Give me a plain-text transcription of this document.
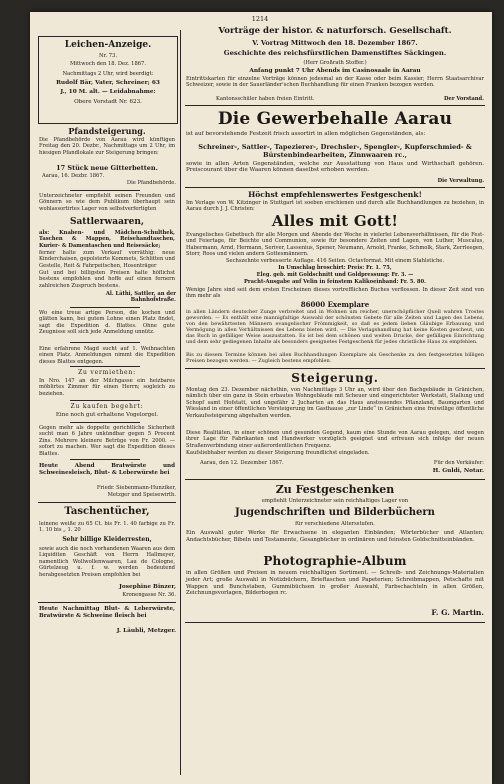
1214
Leichen-Anzeige.
Nr. 73.
Mittwoch den 18. Dez. 1867.
Nachmittags 2 Uhr, wird beerdigt:
Rudolf Bär, Vater, Schreiner; 63
J., 10 M. alt. — Leidabnahme:
Obere Vorstadt Nr. 623.
Pfandsteigerung.
Die Pfandbehörde von Aarau wird künftigen Freitag den 20. Dezbr., Nachmittags um 2 Uhr, im hiesigen Pfandlokale zur Steigerung bringen:
17 Stück neue Gitterbetten.
Aarau, 16. Dezbr. 1867.
Die Pfandbehörde.
Unterzeichneter empfiehlt seinen Freunden und Gönnern so wie dem Publikum überhaupt sein wohlassortirtes Lager von selbstverfertigten
Sattlerwaaren,
als: Knaben- und Mädchen-Schulthek, Taschen & Mappen, Reisehandtaschen, Kurier- & Damentaschen und Reisesäcke;
ferner halte zum Verkauf vorräthig: neue Kinderchaisen, gepolsterte Kommets, Schlitten und Gestelle, Reit & Fahrpeitschen, Hosenträger
Gut und bei billigsten Preisen halte höflichst bestens empfohlen und hoffe auf einen fernern zahlreichen Zuspruch bestens.
Al. Läthi, Sattler, an der Bahnhofstraße.
Wo eine treue artige Person, die kochen und glätten kann, bei gutem Lohne einen Platz findet, sagt die Expedition d. Blattes. Ohne gute Zeugnisse soll sich jede Anmeldung unnütz.
Eine erfahrene Magd sucht auf 1. Weihnachten einen Platz. Anmeldungen nimmt die Expedition dieses Blattes entgegen.
Zu vermiethen:
In Nro. 147 an der Milchgasse ein heizbares möblirtes Zimmer für einen Herrn; sogleich zu beziehen.
Zu kaufen begehrt:
Eine noch gut erhaltene Vogelorgel.
Gegen mehr als doppelte gerichtliche Sicherheit sucht man 6 Jahre unkündbar gegen 5 Procent Zins. Mehrere kleinere Betrüge von Fr. 2000. — sofort zu machen. Wer sagt die Expedition dieses Blattes.
Heute Abend Bratwürste und Schweinesleisch, Blut- & Leberwürste bei
Friedr. Siebenmann-Hunziker,
Metzger und Speisewirth.
Taschentücher,
leinene weiße zu 65 Ct. bis Fr. 1. 40 farbige zu Fr. 1. 10 bis „ 1. 20
Sehr billige Kleiderresten,
sowie auch die noch vorhandenen Waaren aus dem Liquiditen Geschäft von Herrn Hallmeyer, namentlich Wollwollenwaaren, Lau de Cologne, Gürtelzeug u. f. w. werden bedeutend herabgesetzten Preisen empfohlen bei
Josephine Binzer,
Kronengasse Nr. 36.
Heute Nachmittag Blut- & Leberwürste, Bratwürste & Schweine fleisch bei
J. Läubli, Metzger.
Vorträge der histor. & naturforsch. Gesellschaft.
V. Vortrag Mittwoch den 18. Dezember 1867.
Geschichte des reichsfürstlichen Damenstiftes Säckingen.
(Herr Großrath Stoffer.)
Anfang punkt 7 Uhr Abends im Casinosaale in Aarau
Eintrittskarten für einzelne Vorträge können jedesmal an der Kasse oder beim Kassier, Herrn Staatsarchivar Schweizer, sowie in der Sauerländer'schen Buchhandlung für einen Franken bezogen werden.
Kantonsschüler haben freien Eintritt.	Der Vorstand.
Die Gewerbehalle Aarau
ist auf bevorstehende Festzeit frisch assortirt in allen möglichen Gegenständen, als:
Schreiner-, Sattler-, Tapezierer-, Drechsler-, Spengler-, Kupferschmied- & Bürstenbindearbeiten, Zinnwaaren rc.,
sowie in allen Arten Gegenständen, welche zur Ausstattung von Haus und Wirthschaft gehören. Preiscourant über die Waaren können daselbst erhoben werden.
Die Verwaltung.
Höchst empfehlenswertes Festgeschenk!
Im Verlage von W. Kitzinger in Stuttgart ist soeben erschienen und durch alle Buchhandlungen zu beziehen, in Aarau durch J. J. Christen:
Alles mit Gott!
Evangelisches Gebetbuch für alle Morgen und Abende der Woche in vielerlei Lebensverhältnissen, für die Fest- und Feiertage, für Beichte und Communion, sowie für besondere Zeiten und Lagen, von Luther, Muscalus, Habermann, Arnd, Hermann, Seriver, Lassenius, Spener, Neumann, Arnold, Franke, Schmolk, Stark, Zerrleegen, Storr, Roos und vielen andern Gottesmännern.
Sechszehnte verbesserte Auflage. 416 Seiten. Octavformat. Mit einem Stahlstiche.
In Umschlag broschirt: Preis: Fr. 1. 75,
Eleg. geb. mit Goldschnitt und Goldpressung: Fr. 3. —
Pracht-Ausgabe auf Velin in feinstem Kalikoeinband: Fr. 5. 80.
Wenige Jahre sind seit dem ersten Erscheinen dieses vortrefflichen Buches verflossen. In dieser Zeit sind von ihm mehr als
86000 Exemplare
in allen Ländern deutscher Zunge verbreitet und in Wohnen um reicher, unerschöpflicher Quell wahren Trostes geworden. — Es enthält eine mannigfaltige Auswahl der schönsten Gebete für alle Zeiten und Lagen des Lebens, von den bewährtesten Männern evangelischer Frömmigkeit, so daß es jedem lieben Gläubige Erbauung und Vermögung in allen Verhältnissen des Lebens bieten wird. — Die Verlagshandlung hat keine Kosten gescheut, um das Buch in gefälliger Weise auszustatten. Es ist bei dem schönen und weiten Drucke, der gefälligen Einrichtung und dem sehr gediegenen Inhalte als besonders geeignetes Festgeschenk für jedes christliche Haus zu empfehlen.
Bis zu diesem Termine können bei allen Buchhandlungen Exemplare als Geschenke zu den festgesetzten billigen Preisen bezogen werden. — Zugleich bestens empfohlen.
Steigerung.
Montag den 23. Dezember nächsthin, von Nachmittags 3 Uhr an, wird über den Bachgebäude in Gränichen, nämlich über ein ganz in Stein erbautes Wohngebäude mit Scheuer und eingerichteter Werkstatt, Stallung und Schopf samt Hofstatt, und ungefähr 2 Jucharten an das Haus anstossendes Pflanzland, Baumgarten und Wiesland in einer öffentlichen Versteigerung im Gasthause „zur Linde“ in Gränichen eine freiwillige öffentliche Verkaufssteigerung abgehalten werden.
Diese Realitäten, in einer schönen und gesunden Gegend, kaum eine Stunde von Aarau gelegen, sind wegen ihrer Lage für Fabrikanten und Handwerker vorzüglich geeignet und erfreuen sich infolge der neuen Straßenverbindung einer außerordentlichen Frequenz.
Kaufsliebhaber werden zu dieser Steigerung freundlichst eingeladen.
Aarau, den 12. Dezember 1867.	Für den Verkäufer:
H. Guldi, Notar.
Zu Festgeschenken
empfiehlt Unterzeichneter sein reichhaltiges Lager von
Jugendschriften und Bilderbüchern
für verschiedene Altersstufen.
Ein Auswahl guter Werke für Erwachsene in eleganten Einbänden; Wörterbücher und Atlanten; Andachtsbücher, Bibeln und Testamente, Gesangbücher in ordinären und feinsten Goldschnitteinbänden.
Photographie-Album
in allen Größen und Preisen in neuem reichhaltigen Sortiment. — Schreib- und Zeichnungs-Materialien jeder Art; große Auswahl in Notizbüchern, Brieftaschen und Papeterien; Schreibmappen, Petschafte mit Wappen und Bunchstaben, Gummibüchsen in großer Auswahl, Farbschachteln in allen Größen, Zeichnungsvorlagen, Bilderbogen rc.
F. G. Martin.
